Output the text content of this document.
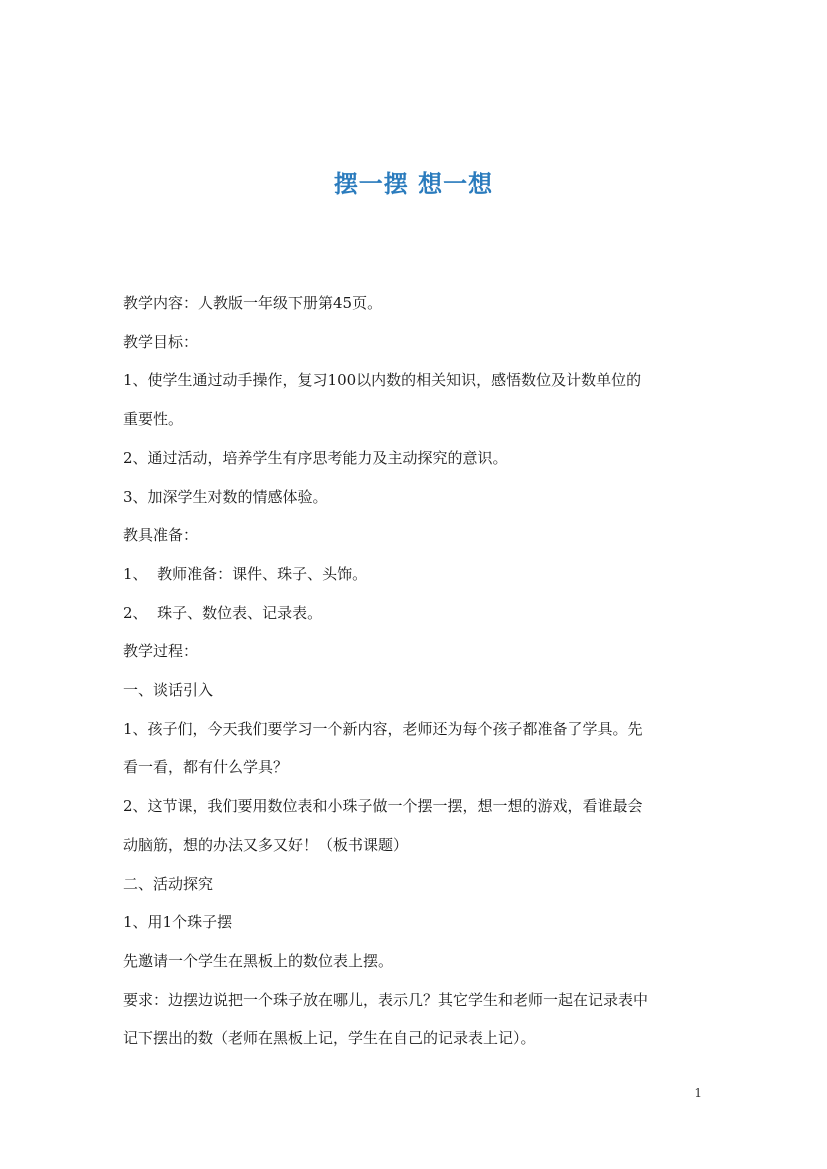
摆一摆 想一想

教学内容：人教版一年级下册第45页。

教学目标：

1、使学生通过动手操作，复习100以内数的相关知识，感悟数位及计数单位的

重要性。

2、通过活动，培养学生有序思考能力及主动探究的意识。

3、加深学生对数的情感体验。

教具准备：

1、  教师准备：课件、珠子、头饰。

2、  珠子、数位表、记录表。

教学过程：

一、谈话引入

1、孩子们，今天我们要学习一个新内容，老师还为每个孩子都准备了学具。先

看一看，都有什么学具？

2、这节课，我们要用数位表和小珠子做一个摆一摆，想一想的游戏，看谁最会

动脑筋，想的办法又多又好！（板书课题）

二、活动探究

1、用1个珠子摆

先邀请一个学生在黑板上的数位表上摆。

要求：边摆边说把一个珠子放在哪儿，表示几？其它学生和老师一起在记录表中

记下摆出的数（老师在黑板上记，学生在自己的记录表上记）。

1
